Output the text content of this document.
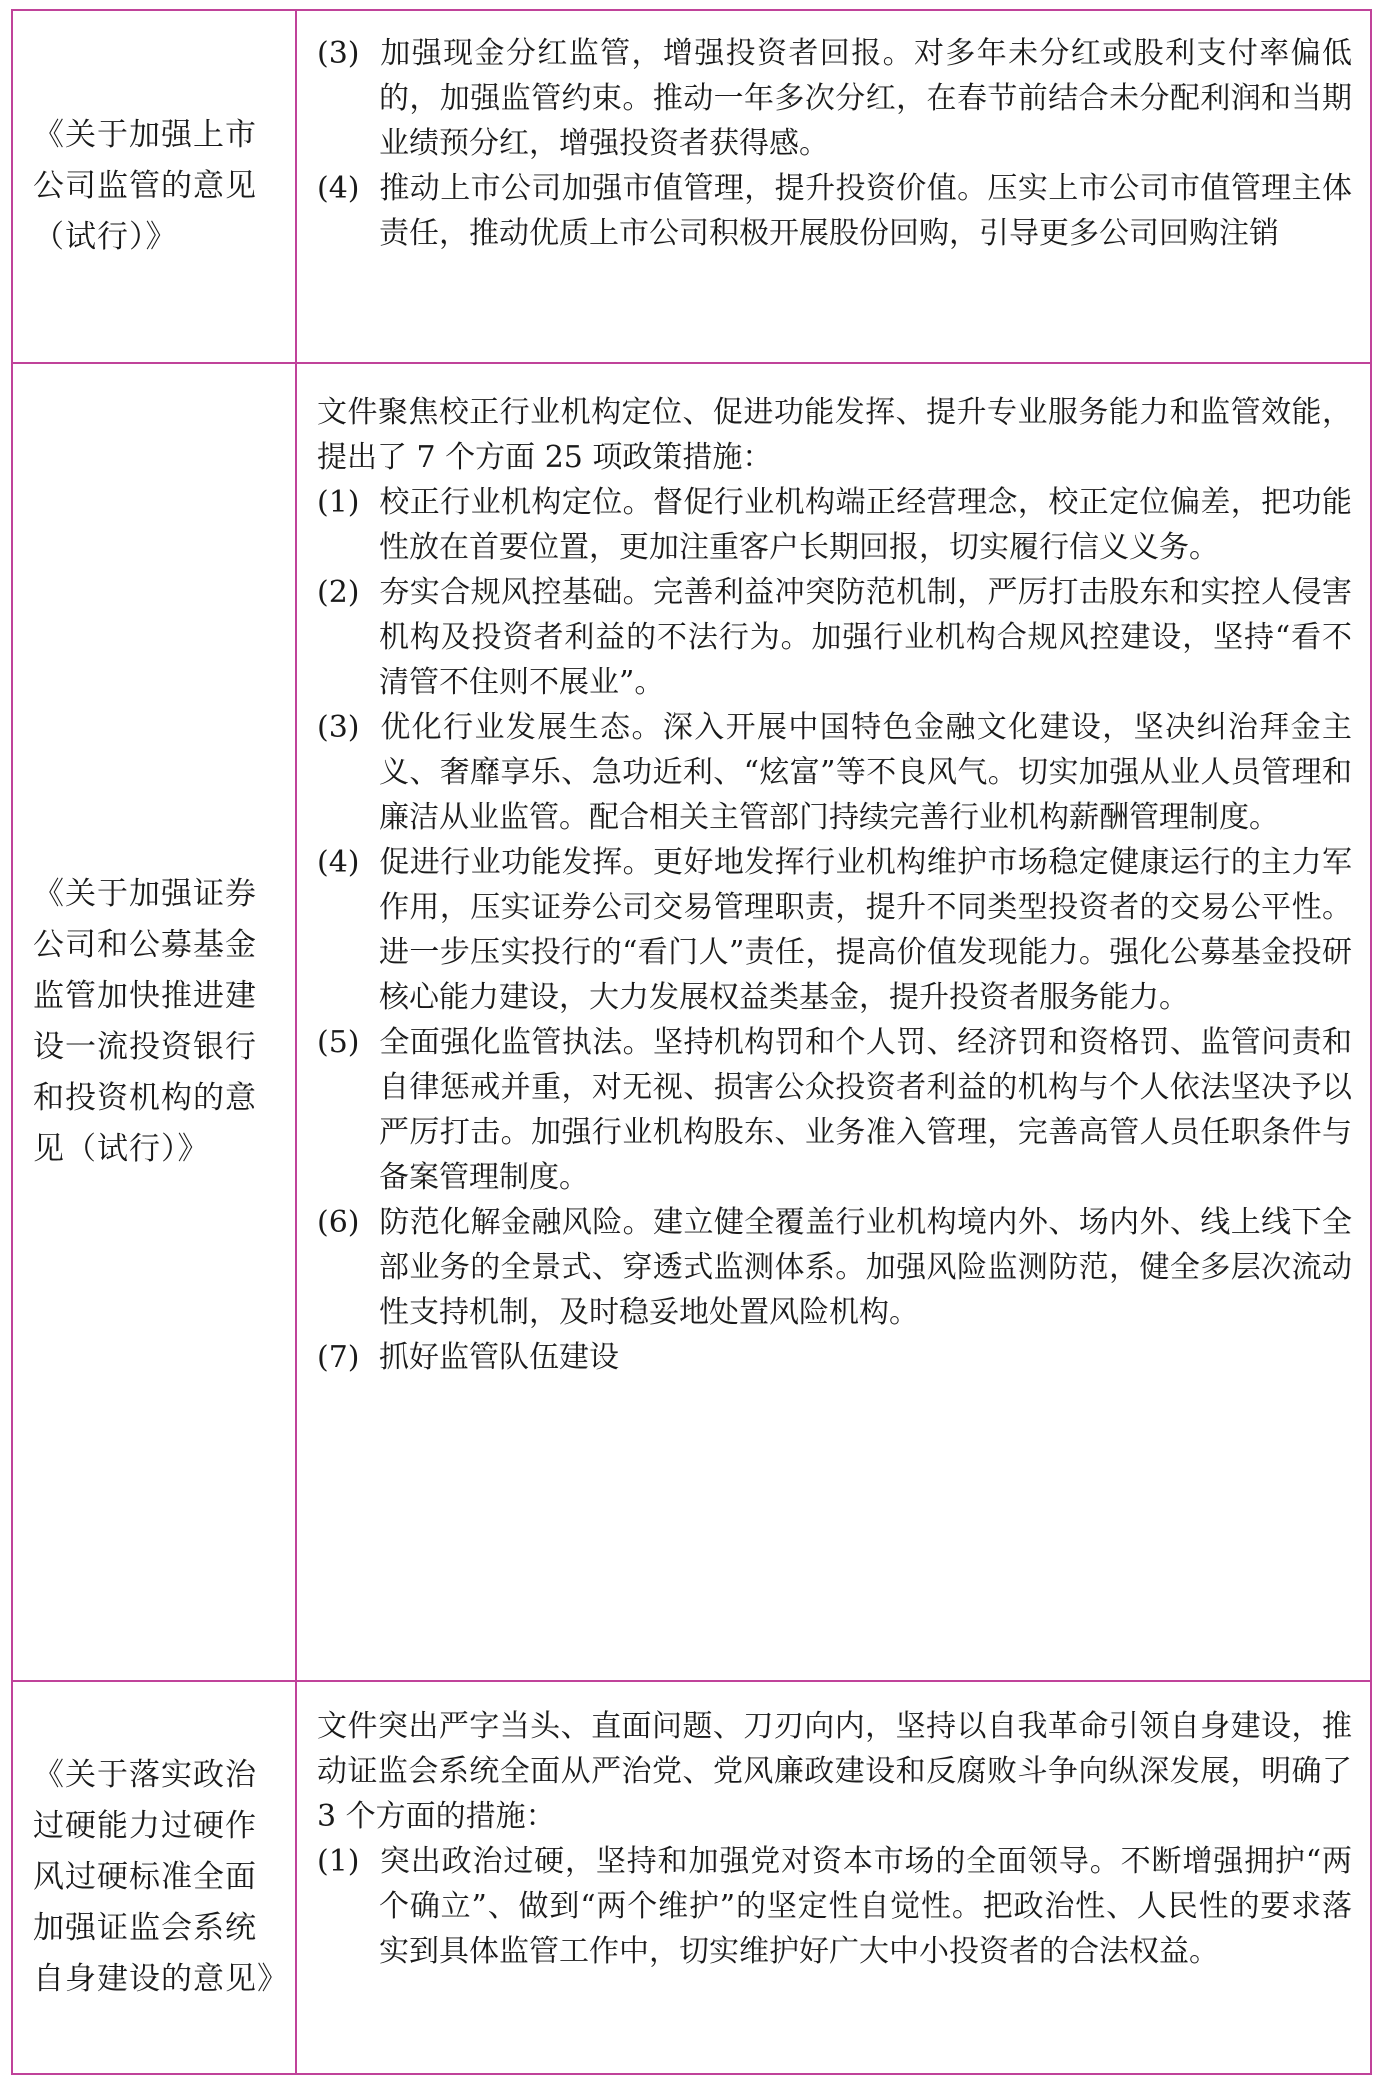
《关于加强上市公司监管的意见（试行）》

(3) 加强现金分红监管，增强投资者回报。对多年未分红或股利支付率偏低的，加强监管约束。推动一年多次分红，在春节前结合未分配利润和当期业绩预分红，增强投资者获得感。

(4) 推动上市公司加强市值管理，提升投资价值。压实上市公司市值管理主体责任，推动优质上市公司积极开展股份回购，引导更多公司回购注销

《关于加强证券公司和公募基金监管加快推进建设一流投资银行和投资机构的意见（试行）》

文件聚焦校正行业机构定位、促进功能发挥、提升专业服务能力和监管效能，提出了 7 个方面 25 项政策措施：

(1) 校正行业机构定位。督促行业机构端正经营理念，校正定位偏差，把功能性放在首要位置，更加注重客户长期回报，切实履行信义义务。

(2) 夯实合规风控基础。完善利益冲突防范机制，严厉打击股东和实控人侵害机构及投资者利益的不法行为。加强行业机构合规风控建设，坚持“看不清管不住则不展业”。

(3) 优化行业发展生态。深入开展中国特色金融文化建设，坚决纠治拜金主义、奢靡享乐、急功近利、“炫富”等不良风气。切实加强从业人员管理和廉洁从业监管。配合相关主管部门持续完善行业机构薪酬管理制度。

(4) 促进行业功能发挥。更好地发挥行业机构维护市场稳定健康运行的主力军作用，压实证券公司交易管理职责，提升不同类型投资者的交易公平性。进一步压实投行的“看门人”责任，提高价值发现能力。强化公募基金投研核心能力建设，大力发展权益类基金，提升投资者服务能力。

(5) 全面强化监管执法。坚持机构罚和个人罚、经济罚和资格罚、监管问责和自律惩戒并重，对无视、损害公众投资者利益的机构与个人依法坚决予以严厉打击。加强行业机构股东、业务准入管理，完善高管人员任职条件与备案管理制度。

(6) 防范化解金融风险。建立健全覆盖行业机构境内外、场内外、线上线下全部业务的全景式、穿透式监测体系。加强风险监测防范，健全多层次流动性支持机制，及时稳妥地处置风险机构。

(7) 抓好监管队伍建设

《关于落实政治过硬能力过硬作风过硬标准全面加强证监会系统自身建设的意见》

文件突出严字当头、直面问题、刀刃向内，坚持以自我革命引领自身建设，推动证监会系统全面从严治党、党风廉政建设和反腐败斗争向纵深发展，明确了 3 个方面的措施：

(1) 突出政治过硬，坚持和加强党对资本市场的全面领导。不断增强拥护“两个确立”、做到“两个维护”的坚定性自觉性。把政治性、人民性的要求落实到具体监管工作中，切实维护好广大中小投资者的合法权益。
